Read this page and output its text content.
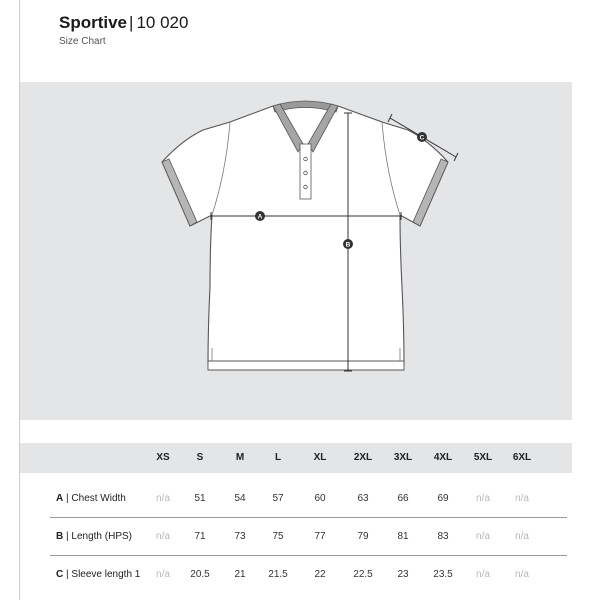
Sportive | 10 020
Size Chart
A
B
C
XS	S	M	L	XL	2XL	3XL	4XL	5XL	6XL
A | Chest Width	n/a	51	54	57	60	63	66	69	n/a	n/a
B | Length (HPS)	n/a	71	73	75	77	79	81	83	n/a	n/a
C | Sleeve length 1	n/a	20.5	21	21.5	22	22.5	23	23.5	n/a	n/a
